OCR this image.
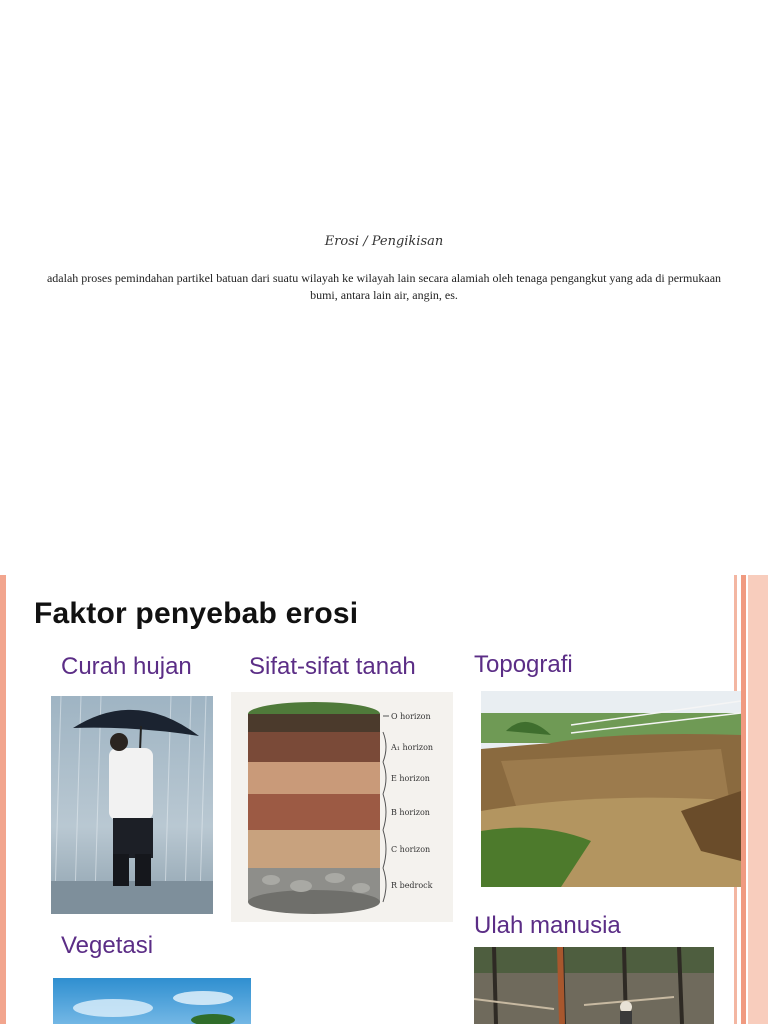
Erosi / Pengikisan
adalah proses pemindahan partikel batuan dari suatu wilayah ke wilayah lain secara alamiah oleh tenaga pengangkut yang ada di permukaan bumi, antara lain air, angin, es.
Faktor penyebab erosi
Curah hujan Sifat-sifat tanah Topografi
Vegetasi
Ulah manusia
O horizon
A₁ horizon
E horizon
B horizon
C horizon
R bedrock
